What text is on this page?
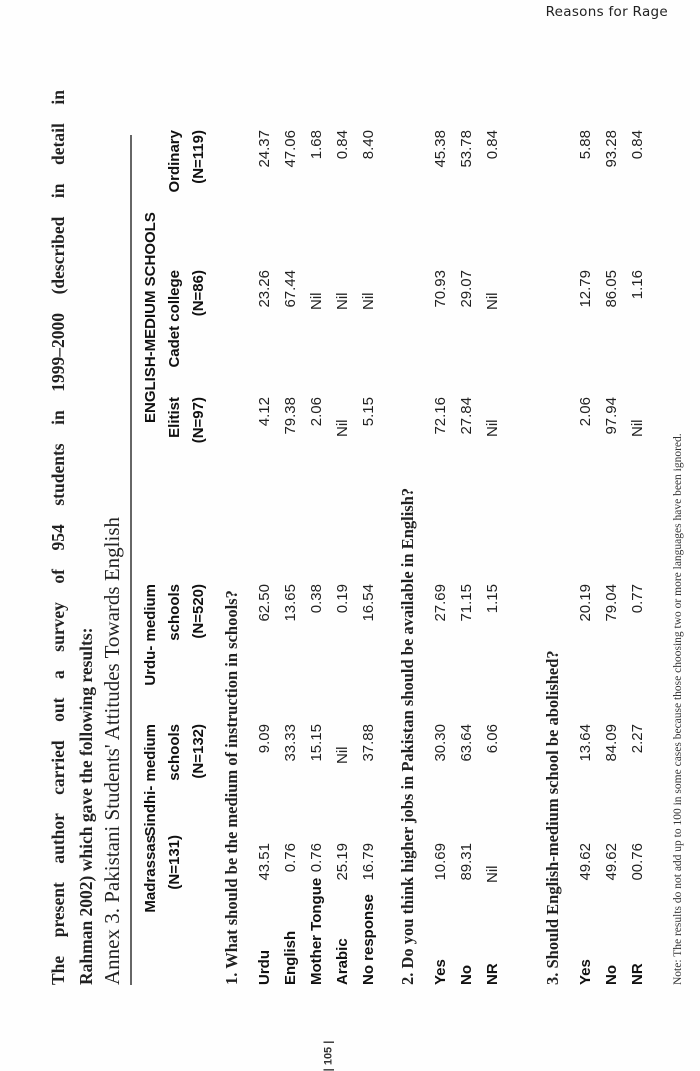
Reasons for Rage
| 105 |
The present author carried out a survey of 954 students in 1999–2000 (described in detail in Rahman 2002) which gave the following results: Annex 3. Pakistani Students' Attitudes Towards English
ENGLISH-MEDIUM SCHOOLS
Madrassas (N=131)
Sindhi- medium schools (N=132)
Urdu- medium schools (N=520)
Elitist (N=97)
Cadet college (N=86)
Ordinary (N=119)
1. What should be the medium of instruction in schools? Urdu
43.51
9.09
62.50
4.12
23.26
24.37
English
0.76
33.33
13.65
79.38
67.44
47.06
Mother Tongue
0.76
15.15
0.38
2.06
Nil
1.68
Arabic
25.19
Nil
0.19
Nil
Nil
0.84
No response
16.79
37.88
16.54
5.15
Nil
8.40
2. Do you think higher jobs in Pakistan should be available in English? Yes
10.69
30.30
27.69
72.16
70.93
45.38
No
89.31
63.64
71.15
27.84
29.07
53.78
NR
Nil
6.06
1.15
Nil
Nil
0.84
3. Should English-medium school be abolished? Yes
49.62
13.64
20.19
2.06
12.79
5.88
No
49.62
84.09
79.04
97.94
86.05
93.28
NR
00.76
2.27
0.77
Nil
1.16
0.84
Note: The results do not add up to 100 in some cases because those choosing two or more languages have been ignored.
